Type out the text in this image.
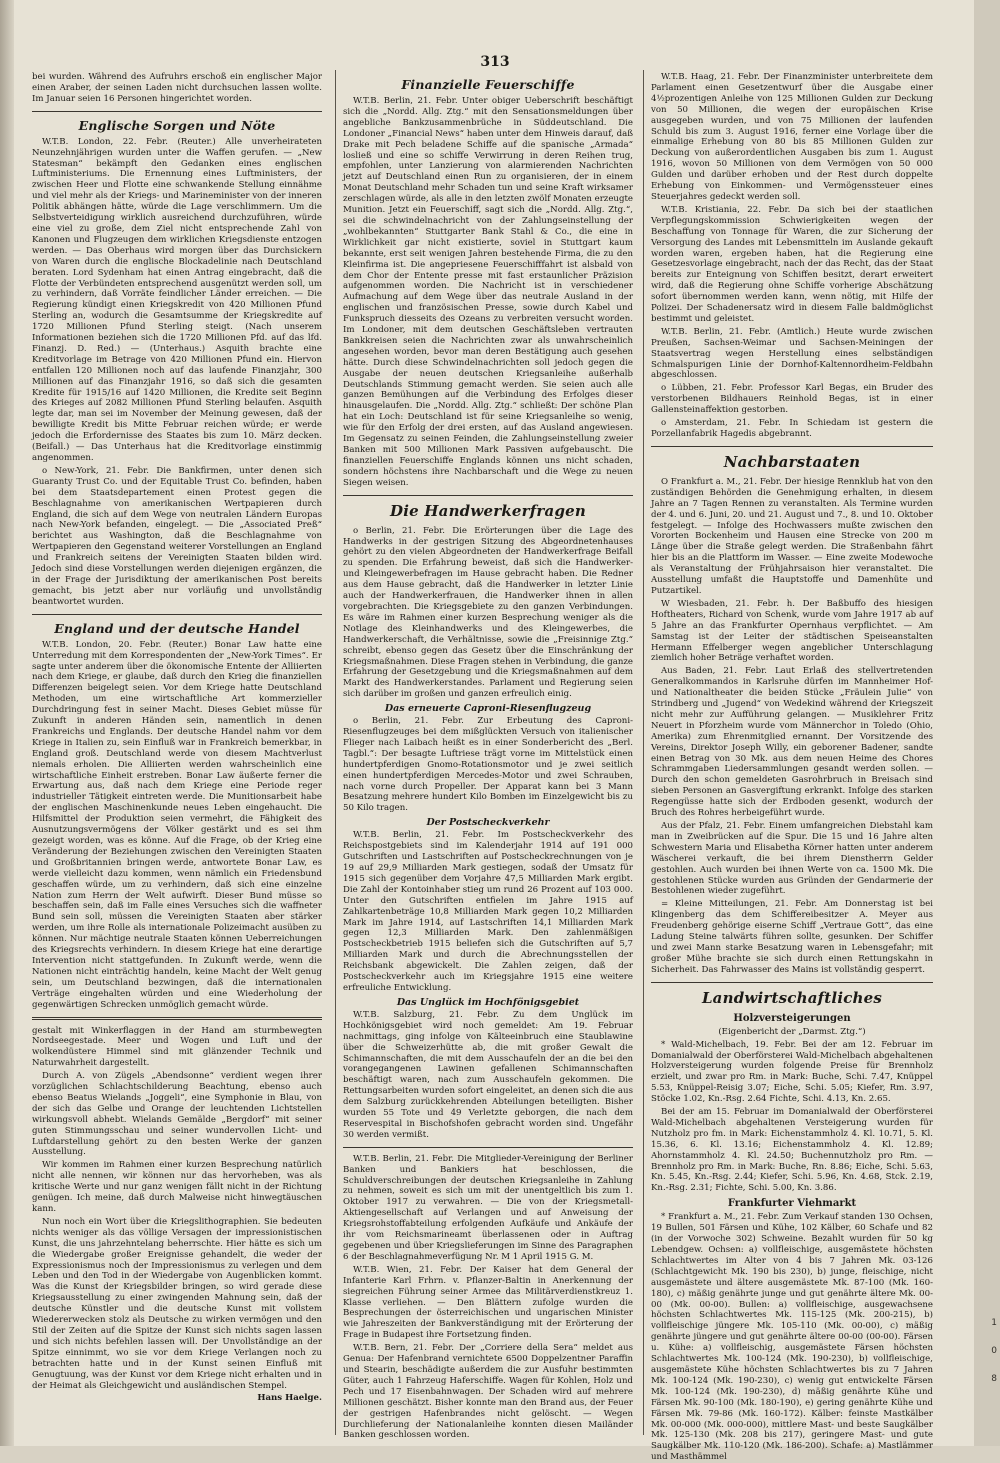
1
0
8
313

bei wurden. Während des Aufruhrs erschoß ein englischer Major einen Araber, der seinen Laden nicht durchsuchen lassen wollte. Im Januar seien 16 Personen hingerichtet worden.

Englische Sorgen und Nöte

W.T.B. London, 22. Febr. (Reuter.) Alle unverheirateten Neunzehnjährigen wurden unter die Waffen gerufen. — „New Statesman“ bekämpft den Gedanken eines englischen Luftministeriums. Die Ernennung eines Luftministers, der zwischen Heer und Flotte eine schwankende Stellung einnähme und viel mehr als der Kriegs- und Marineminister von der inneren Politik abhängen hätte, würde die Lage verschlimmern. Um die Selbstverteidigung wirklich ausreichend durchzuführen, würde eine viel zu große, dem Ziel nicht entsprechende Zahl von Kanonen und Flugzeugen dem wirklichen Kriegsdienste entzogen werden. — Das Oberhaus wird morgen über das Durchsickern von Waren durch die englische Blockadelinie nach Deutschland beraten. Lord Sydenham hat einen Antrag eingebracht, daß die Flotte der Verbündeten entsprechend ausgenützt werden soll, um zu verhindern, daß Vorräte feindlicher Länder erreichen. — Die Regierung kündigt einen Kriegskredit von 420 Millionen Pfund Sterling an, wodurch die Gesamtsumme der Kriegskredite auf 1720 Millionen Pfund Sterling steigt. (Nach unserem Informationen beziehen sich die 1720 Millionen Pfd. auf das lfd. Finanzj. D. Red.) — (Unterhaus.) Asquith brachte eine Kreditvorlage im Betrage von 420 Millionen Pfund ein. Hiervon entfallen 120 Millionen noch auf das laufende Finanzjahr, 300 Millionen auf das Finanzjahr 1916, so daß sich die gesamten Kredite für 1915/16 auf 1420 Millionen, die Kredite seit Beginn des Krieges auf 2082 Millionen Pfund Sterling belaufen. Asquith legte dar, man sei im November der Meinung gewesen, daß der bewilligte Kredit bis Mitte Februar reichen würde; er werde jedoch die Erfordernisse des Staates bis zum 10. März decken. (Beifall.) — Das Unterhaus hat die Kreditvorlage einstimmig angenommen.

o New-York, 21. Febr. Die Bankfirmen, unter denen sich Guaranty Trust Co. und der Equitable Trust Co. befinden, haben bei dem Staatsdepartement einen Protest gegen die Beschlagnahme von amerikanischen Wertpapieren durch England, die sich auf dem Wege von neutralen Ländern Europas nach New-York befanden, eingelegt. — Die „Associated Preß“ berichtet aus Washington, daß die Beschlagnahme von Wertpapieren den Gegenstand weiterer Vorstellungen an England und Frankreich seitens der Vereinigten Staaten bilden wird. Jedoch sind diese Vorstellungen werden diejenigen ergänzen, die in der Frage der Jurisdiktung der amerikanischen Post bereits gemacht, bis jetzt aber nur vorläufig und unvollständig beantwortet wurden.

England und der deutsche Handel

W.T.B. London, 20. Febr. (Reuter.) Bonar Law hatte eine Unterredung mit dem Korrespondenten der „New-York Times“. Er sagte unter anderem über die ökonomische Entente der Alliierten nach dem Kriege, er glaube, daß durch den Krieg die finanziellen Differenzen beigelegt seien. Vor dem Kriege hatte Deutschland Methoden, um eine wirtschaftliche Art kommerzieller Durchdringung fest in seiner Macht. Dieses Gebiet müsse für Zukunft in anderen Händen sein, namentlich in denen Frankreichs und Englands. Der deutsche Handel nahm vor dem Kriege in Italien zu, sein Einfluß war in Frankreich bemerkbar, in England groß. Deutschland werde von diesem Machtverlust niemals erholen. Die Alliierten werden wahrscheinlich eine wirtschaftliche Einheit erstreben. Bonar Law äußerte ferner die Erwartung aus, daß nach dem Kriege eine Periode reger industrieller Tätigkeit eintreten werde. Die Munitionsarbeit habe der englischen Maschinenkunde neues Leben eingehaucht. Die Hilfsmittel der Produktion seien vermehrt, die Fähigkeit des Ausnutzungsvermögens der Völker gestärkt und es sei ihm gezeigt worden, was es könne. Auf die Frage, ob der Krieg eine Veränderung der Beziehungen zwischen den Vereinigten Staaten und Großbritannien bringen werde, antwortete Bonar Law, es werde vielleicht dazu kommen, wenn nämlich ein Friedensbund geschaffen würde, um zu verhindern, daß sich eine einzelne Nation zum Herrn der Welt aufwirft. Dieser Bund müsse so beschaffen sein, daß im Falle eines Versuches sich die waffneter Bund sein soll, müssen die Vereinigten Staaten aber stärker werden, um ihre Rolle als internationale Polizeimacht ausüben zu können. Nur mächtige neutrale Staaten können Ueberreichungen des Kriegsrechts verhindern. In diesem Kriege hat eine derartige Intervention nicht stattgefunden. In Zukunft werde, wenn die Nationen nicht einträchtig handeln, keine Macht der Welt genug sein, um Deutschland bezwingen, daß die internationalen Verträge eingehalten würden und eine Wiederholung der gegenwärtigen Schrecken unmöglich gemacht würde.

gestalt mit Winkerflaggen in der Hand am sturmbewegten Nordseegestade. Meer und Wogen und Luft und der wolkendüstere Himmel sind mit glänzender Technik und Naturwahrheit dargestellt.

Durch A. von Zügels „Abendsonne“ verdient wegen ihrer vorzüglichen Schlachtschilderung Beachtung, ebenso auch ebenso Beatus Wielands „Joggeli“, eine Symphonie in Blau, von der sich das Gelbe und Orange der leuchtenden Lichtstellen wirkungsvoll abhebt. Wielands Gemälde „Bergdorf“ mit seiner guten Stimmungsschau und seiner wundervollen Licht- und Luftdarstellung gehört zu den besten Werke der ganzen Ausstellung.

Wir kommen im Rahmen einer kurzen Besprechung natürlich nicht alle nennen, wir können nur das hervorheben, was als kritische Werte und nur ganz wenigen fällt nicht in der Richtung genügen. Ich meine, daß durch Malweise nicht hinwegtäuschen kann.

Nun noch ein Wort über die Kriegslithographien. Sie bedeuten nichts weniger als das völlige Versagen der impressionistischen Kunst, die uns jahrzehntelang beherrschte. Hier hätte es sich um die Wiedergabe großer Ereignisse gehandelt, die weder der Expressionismus noch der Impressionismus zu verlegen und dem Leben und den Tod in der Wiedergabe von Augenblicken kommt. Was die Kunst der Kriegsbilder bringen, so wird gerade diese Kriegsausstellung zu einer zwingenden Mahnung sein, daß der deutsche Künstler und die deutsche Kunst mit vollstem Wiedererwecken stolz als Deutsche zu wirken vermögen und den Stil der Zeiten auf die Spitze der Kunst sich nichts sagen lassen und sich nichts befehlen lassen will. Der Unvollständige an der Spitze einnimmt, wo sie vor dem Kriege Verlangen noch zu betrachten hatte und in der Kunst seinen Einfluß mit Genugtuung, was der Kunst vor dem Kriege nicht erhalten und in der Heimat als Gleichgewicht und ausländischen Stempel.

Hans Haelge.

Finanzielle Feuerschiffe

W.T.B. Berlin, 21. Febr. Unter obiger Ueberschrift beschäftigt sich die „Nordd. Allg. Ztg.“ mit den Sensationsmeldungen über angebliche Bankzusammenbrüche in Süddeutschland. Die Londoner „Financial News“ haben unter dem Hinweis darauf, daß Drake mit Pech beladene Schiffe auf die spanische „Armada“ losließ und eine so schiffe Verwirrung in deren Reihen trug, empfohlen, unter Lanzierung von alarmierenden Nachrichten jetzt auf Deutschland einen Run zu organisieren, der in einem Monat Deutschland mehr Schaden tun und seine Kraft wirksamer zerschlagen würde, als alle in den letzten zwölf Monaten erzeugte Munition. Jetzt ein Feuerschiff, sagt sich die „Nordd. Allg. Ztg.“, sei die schwindelnachricht von der Zahlungseinstellung der „wohlbekannten“ Stuttgarter Bank Stahl & Co., die eine in Wirklichkeit gar nicht existierte, soviel in Stuttgart kaum bekannte, erst seit wenigen Jahren bestehende Firma, die zu den Kleinfirma ist. Die angepriesene Feuerschifffahrt ist alsbald von dem Chor der Entente presse mit fast erstaunlicher Präzision aufgenommen worden. Die Nachricht ist in verschiedener Aufmachung auf dem Wege über das neutrale Ausland in der englischen und französischen Presse, sowie durch Kabel und Funkspruch diesseits des Ozeans zu verbreiten versucht worden. Im Londoner, mit dem deutschen Geschäftsleben vertrauten Bankkreisen seien die Nachrichten zwar als unwahrscheinlich angesehen worden, bevor man deren Bestätigung auch gesehen hätte. Durch diese Schwindelnachrichten soll jedoch gegen die Ausgabe der neuen deutschen Kriegsanleihe außerhalb Deutschlands Stimmung gemacht werden. Sie seien auch alle ganzen Bemühungen auf die Verbindung des Erfolges dieser hinausgelaufen. Die „Nordd. Allg. Ztg.“ schließt: Der schöne Plan hat ein Loch: Deutschland ist für seine Kriegsanleihe so wenig, wie für den Erfolg der drei ersten, auf das Ausland angewiesen. Im Gegensatz zu seinen Feinden, die Zahlungseinstellung zweier Banken mit 500 Millionen Mark Passiven aufgebauscht. Die finanziellen Feuerschiffe Englands können uns nicht schaden, sondern höchstens ihre Nachbarschaft und die Wege zu neuen Siegen weisen.

Die Handwerkerfragen

o Berlin, 21. Febr. Die Erörterungen über die Lage des Handwerks in der gestrigen Sitzung des Abgeordnetenhauses gehört zu den vielen Abgeordneten der Handwerkerfrage Beifall zu spenden. Die Erfahrung beweist, daß sich die Handwerker- und Kleingewerbefragen im Hause gebracht haben. Die Redner aus dem Hause gebracht, daß die Handwerker in letzter Linie auch der Handwerkerfrauen, die Handwerker ihnen in allen vorgebrachten. Die Kriegsgebiete zu den ganzen Verbindungen. Es wäre im Rahmen einer kurzen Besprechung weniger als die Notlage des Kleinhandwerks und des Kleingewerbes, die Handwerkerschaft, die Verhältnisse, sowie die „Freisinnige Ztg.“ schreibt, ebenso gegen das Gesetz über die Einschränkung der Kriegsmaßnahmen. Diese Fragen stehen in Verbindung, die ganze Erfahrung der Gesetzgebung und die Kriegsmaßnahmen auf dem Markt des Handwerkerstandes. Parlament und Regierung seien sich darüber im großen und ganzen erfreulich einig.

Das erneuerte Caproni-Riesenflugzeug

o Berlin, 21. Febr. Zur Erbeutung des Caproni-Riesenflugzeuges bei dem mißglückten Versuch von italienischer Flieger nach Laibach heißt es in einer Sonderbericht des „Berl. Tagbl.“: Der besagte Luftriese trägt vorne im Mittelstück einen hundertpferdigen Gnomo-Rotationsmotor und je zwei seitlich einen hundertpferdigen Mercedes-Motor und zwei Schrauben, nach vorne durch Propeller. Der Apparat kann bei 3 Mann Besatzung mehrere hundert Kilo Bomben im Einzelgewicht bis zu 50 Kilo tragen.

Der Postscheckverkehr

W.T.B. Berlin, 21. Febr. Im Postscheckverkehr des Reichspostgebiets sind im Kalenderjahr 1914 auf 191 000 Gutschriften und Lastschriften auf Postscheckrechnungen von je 19 auf 29,9 Milliarden Mark gestiegen, sodaß der Umsatz für 1915 sich gegenüber dem Vorjahre 47,5 Milliarden Mark ergibt. Die Zahl der Kontoinhaber stieg um rund 26 Prozent auf 103 000. Unter den Gutschriften entfielen im Jahre 1915 auf Zahlkartenbeträge 10,8 Milliarden Mark gegen 10,2 Milliarden Mark im Jahre 1914, auf Lastschriften 14,1 Milliarden Mark gegen 12,3 Milliarden Mark. Den zahlenmäßigen Postscheckbetrieb 1915 beliefen sich die Gutschriften auf 5,7 Milliarden Mark und durch die Abrechnungsstellen der Reichsbank abgewickelt. Die Zahlen zeigen, daß der Postscheckverkehr auch im Kriegsjahre 1915 eine weitere erfreuliche Entwicklung.

Das Unglück im Hochfönigsgebiet

W.T.B. Salzburg, 21. Febr. Zu dem Unglück im Hochkönigsgebiet wird noch gemeldet: Am 19. Februar nachmittags, ging infolge von Kälteeinbruch eine Staublawine über die Schweizerhütte ab, die mit großer Gewalt die Schimannschaften, die mit dem Ausschaufeln der an die bei den vorangegangenen Lawinen gefallenen Schimannschaften beschäftigt waren, nach zum Ausschaufeln gekommen. Die Rettungsarbeiten wurden sofort eingeleitet, an denen sich die aus dem Salzburg zurückkehrenden Abteilungen beteiligten. Bisher wurden 55 Tote und 49 Verletzte geborgen, die nach dem Reservespital in Bischofshofen gebracht worden sind. Ungefähr 30 werden vermißt.

W.T.B. Berlin, 21. Febr. Die Mitglieder-Vereinigung der Berliner Banken und Bankiers hat beschlossen, die Schuldverschreibungen der deutschen Kriegsanleihe in Zahlung zu nehmen, soweit es sich um mit der unentgeltlich bis zum 1. Oktober 1917 zu verwahren. — Die von der Kriegsmetall-Aktiengesellschaft auf Verlangen und auf Anweisung der Kriegsrohstoffabteilung erfolgenden Aufkäufe und Ankäufe der ihr vom Reichsmarineamt überlassenen oder in Auftrag gegebenen und über Kriegslieferungen im Sinne des Paragraphen 6 der Beschlagnahmeverfügung Nr. M 1 April 1915 G. M.

W.T.B. Wien, 21. Febr. Der Kaiser hat dem General der Infanterie Karl Frhrn. v. Pflanzer-Baltin in Anerkennung der siegreichen Führung seiner Armee das Militärverdienstkreuz 1. Klasse verliehen. — Den Blättern zufolge wurden die Besprechungen der österreichischen und ungarischen Minister wie Jahreszeiten der Bankverständigung mit der Erörterung der Frage in Budapest ihre Fortsetzung finden.

W.T.B. Bern, 21. Febr. Der „Corriere della Sera“ meldet aus Genua: Der Hafenbrand vernichtete 6500 Doppelzentner Paraffin und Stearin, beschädigte außerdem die zur Ausfuhr bestimmten Güter, auch 1 Fahrzeug Haferschiffe. Wagen für Kohlen, Holz und Pech und 17 Eisenbahnwagen. Der Schaden wird auf mehrere Millionen geschätzt. Bisher konnte man den Brand aus, der Feuer der gestrigen Hafenbrandes nicht gelöscht. — Wegen Durchlieferung der Nationalanleihe konnten diesen Mailänder Banken geschlossen worden.

W.T.B. Haag, 21. Febr. Der Finanzminister unterbreitete dem Parlament einen Gesetzentwurf über die Ausgabe einer 4½prozentigen Anleihe von 125 Millionen Gulden zur Deckung von 50 Millionen, die wegen der europäischen Krise ausgegeben wurden, und von 75 Millionen der laufenden Schuld bis zum 3. August 1916, ferner eine Vorlage über die einmalige Erhebung von 80 bis 85 Millionen Gulden zur Deckung von außerordentlichen Ausgaben bis zum 1. August 1916, wovon 50 Millionen von dem Vermögen von 50 000 Gulden und darüber erhoben und der Rest durch doppelte Erhebung von Einkommen- und Vermögenssteuer eines Steuerjahres gedeckt werden soll.

W.T.B. Kristiania, 22. Febr. Da sich bei der staatlichen Verpflegungskommission Schwierigkeiten wegen der Beschaffung von Tonnage für Waren, die zur Sicherung der Versorgung des Landes mit Lebensmitteln im Auslande gekauft worden waren, ergeben haben, hat die Regierung eine Gesetzesvorlage eingebracht, nach der das Recht, das der Staat bereits zur Enteignung von Schiffen besitzt, derart erweitert wird, daß die Regierung ohne Schiffe vorherige Abschätzung sofort übernommen werden kann, wenn nötig, mit Hilfe der Polizei. Der Schadenersatz wird in diesem Falle baldmöglichst bestimmt und geleistet.

W.T.B. Berlin, 21. Febr. (Amtlich.) Heute wurde zwischen Preußen, Sachsen-Weimar und Sachsen-Meiningen der Staatsvertrag wegen Herstellung eines selbständigen Schmalspurigen Linie der Dornhof-Kaltennordheim-Feldbahn abgeschlossen.

o Lübben, 21. Febr. Professor Karl Begas, ein Bruder des verstorbenen Bildhauers Reinhold Begas, ist in einer Gallensteinaffektion gestorben.

o Amsterdam, 21. Febr. In Schiedam ist gestern die Porzellanfabrik Hagedis abgebrannt.

Nachbarstaaten

O Frankfurt a. M., 21. Febr. Der hiesige Rennklub hat von den zuständigen Behörden die Genehmigung erhalten, in diesem Jahre an 7 Tagen Rennen zu veranstalten. Als Termine wurden der 4. und 6. Juni, 20. und 21. August und 7., 8. und 10. Oktober festgelegt. — Infolge des Hochwassers mußte zwischen den Vororten Bockenheim und Hausen eine Strecke von 200 m Länge über die Straße gelegt werden. Die Straßenbahn fährt hier bis an die Plattform im Wasser. — Eine zweite Modewoche als Veranstaltung der Frühjahrsaison hier veranstaltet. Die Ausstellung umfaßt die Hauptstoffe und Damenhüte und Putzartikel.

W Wiesbaden, 21. Febr. h. Der Baßbuffo des hiesigen Hoftheaters, Richard von Schenk, wurde vom Jahre 1917 ab auf 5 Jahre an das Frankfurter Opernhaus verpflichtet. — Am Samstag ist der Leiter der städtischen Speiseanstalten Hermann Effelberger wegen angeblicher Unterschlagung ziemlich hoher Beträge verhaftet worden.

Aus Baden, 21. Febr. Laut Erlaß des stellvertretenden Generalkommandos in Karlsruhe dürfen im Mannheimer Hof- und Nationaltheater die beiden Stücke „Fräulein Julie“ von Strindberg und „Jugend“ von Wedekind während der Kriegszeit nicht mehr zur Aufführung gelangen. — Musiklehrer Fritz Neuert in Pforzheim wurde vom Männerchor in Toledo (Ohio, Amerika) zum Ehrenmitglied ernannt. Der Vorsitzende des Vereins, Direktor Joseph Willy, ein geborener Badener, sandte einen Betrag von 30 Mk. aus dem neuen Heime des Chores Schrammgaben Liedersammlungen gesandt werden sollen. — Durch den schon gemeldeten Gasrohrbruch in Breisach sind sieben Personen an Gasvergiftung erkrankt. Infolge des starken Regengüsse hatte sich der Erdboden gesenkt, wodurch der Bruch des Rohres herbeigeführt wurde.

Aus der Pfalz, 21. Febr. Einem umfangreichen Diebstahl kam man in Zweibrücken auf die Spur. Die 15 und 16 Jahre alten Schwestern Maria und Elisabetha Körner hatten unter anderem Wäscherei verkauft, die bei ihrem Dienstherrn Gelder gestohlen. Auch wurden bei ihnen Werte von ca. 1500 Mk. Die gestohlenen Stücke wurden aus Gründen der Gendarmerie der Bestohlenen wieder zugeführt.

= Kleine Mitteilungen, 21. Febr. Am Donnerstag ist bei Klingenberg das dem Schiffereibesitzer A. Meyer aus Freudenberg gehörige eiserne Schiff „Vertraue Gott“, das eine Ladung Steine talwärts führen sollte, gesunken. Der Schiffer und zwei Mann starke Besatzung waren in Lebensgefahr; mit großer Mühe brachte sie sich durch einen Rettungskahn in Sicherheit. Das Fahrwasser des Mains ist vollständig gesperrt.

Landwirtschaftliches
Holzversteigerungen

(Eigenbericht der „Darmst. Ztg.“)

* Wald-Michelbach, 19. Febr. Bei der am 12. Februar im Domanialwald der Oberförsterei Wald-Michelbach abgehaltenen Holzversteigerung wurden folgende Preise für Brennholz erzielt, und zwar pro Rm. in Mark: Buche, Schi. 7.47, Knüppel 5.53, Knüppel-Reisig 3.07; Eiche, Schi. 5.05; Kiefer, Rm. 3.97, Stöcke 1.02, Kn.-Rsg. 2.64 Fichte, Schi. 4.13, Kn. 2.65.

Bei der am 15. Februar im Domanialwald der Oberförsterei Wald-Michelbach abgehaltenen Versteigerung wurden für Nutzholz pro fm. in Mark: Eichenstammholz 4. Kl. 10.71, 5. Kl. 15.36, 6. Kl. 13.16; Eichenstammholz 4. Kl. 12.89; Ahornstammholz 4. Kl. 24.50; Buchennutzholz pro Rm. — Brennholz pro Rm. in Mark: Buche, Rn. 8.86; Eiche, Schi. 5.63, Kn. 5.45, Kn.-Rsg. 2.44; Kiefer, Schi. 5.96, Kn. 4.68, Stck. 2.19, Kn.-Rsg. 2.31; Fichte, Schi. 5.00, Kn. 3.86.

Frankfurter Viehmarkt

* Frankfurt a. M., 21. Febr. Zum Verkauf standen 130 Ochsen, 19 Bullen, 501 Färsen und Kühe, 102 Kälber, 60 Schafe und 82 (in der Vorwoche 302) Schweine. Bezahlt wurden für 50 kg Lebendgew. Ochsen: a) vollfleischige, ausgemästete höchsten Schlachtwertes im Alter von 4 bis 7 Jahren Mk. 03-126 (Schlachtgewicht Mk. 190 bis 230), b) junge, fleischige, nicht ausgemästete und ältere ausgemästete Mk. 87-100 (Mk. 160-180), c) mäßig genährte junge und gut genährte ältere Mk. 00-00 (Mk. 00-00). Bullen: a) vollfleischige, ausgewachsene höchsten Schlachtwertes Mk. 115-125 (Mk. 200-215), b) vollfleischige jüngere Mk. 105-110 (Mk. 00-00), c) mäßig genährte jüngere und gut genährte ältere 00-00 (00-00). Färsen u. Kühe: a) vollfleischig, ausgemästete Färsen höchsten Schlachtwertes Mk. 100-124 (Mk. 190-230), b) vollfleischige, ausgemästete Kühe höchsten Schlachtwertes bis zu 7 Jahren Mk. 100-124 (Mk. 190-230), c) wenig gut entwickelte Färsen Mk. 100-124 (Mk. 190-230), d) mäßig genährte Kühe und Färsen Mk. 90-100 (Mk. 180-190), e) gering genährte Kühe und Färsen Mk. 79-86 (Mk. 160-172). Kälber: feinste Mastkälber Mk. 00-000 (Mk. 000-000), mittlere Mast- und beste Saugkälber Mk. 125-130 (Mk. 208 bis 217), geringere Mast- und gute Saugkälber Mk. 110-120 (Mk. 186-200). Schafe: a) Mastlämmer und Masthämmel
